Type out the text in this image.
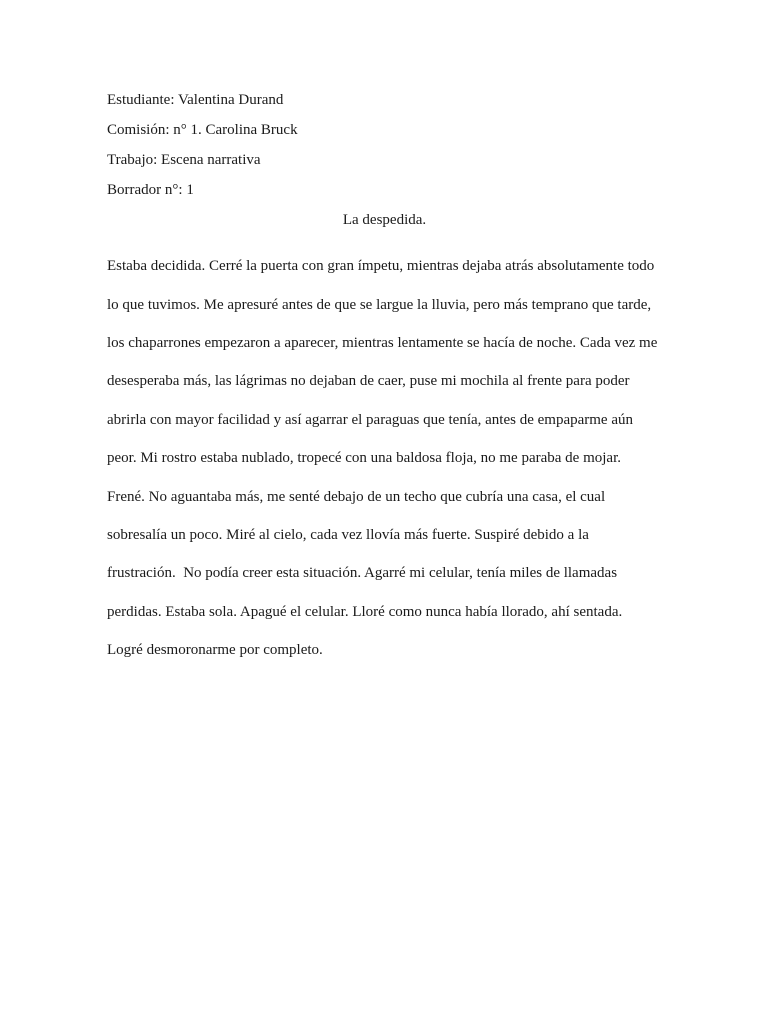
Estudiante: Valentina Durand

Comisión: n° 1. Carolina Bruck

Trabajo: Escena narrativa

Borrador n°: 1

La despedida.

Estaba decidida. Cerré la puerta con gran ímpetu, mientras dejaba atrás absolutamente todo

lo que tuvimos. Me apresuré antes de que se largue la lluvia, pero más temprano que tarde,

los chaparrones empezaron a aparecer, mientras lentamente se hacía de noche. Cada vez me

desesperaba más, las lágrimas no dejaban de caer, puse mi mochila al frente para poder

abrirla con mayor facilidad y así agarrar el paraguas que tenía, antes de empaparme aún

peor. Mi rostro estaba nublado, tropecé con una baldosa floja, no me paraba de mojar.

Frené. No aguantaba más, me senté debajo de un techo que cubría una casa, el cual

sobresalía un poco. Miré al cielo, cada vez llovía más fuerte. Suspiré debido a la

frustración.  No podía creer esta situación. Agarré mi celular, tenía miles de llamadas

perdidas. Estaba sola. Apagué el celular. Lloré como nunca había llorado, ahí sentada.

Logré desmoronarme por completo.
